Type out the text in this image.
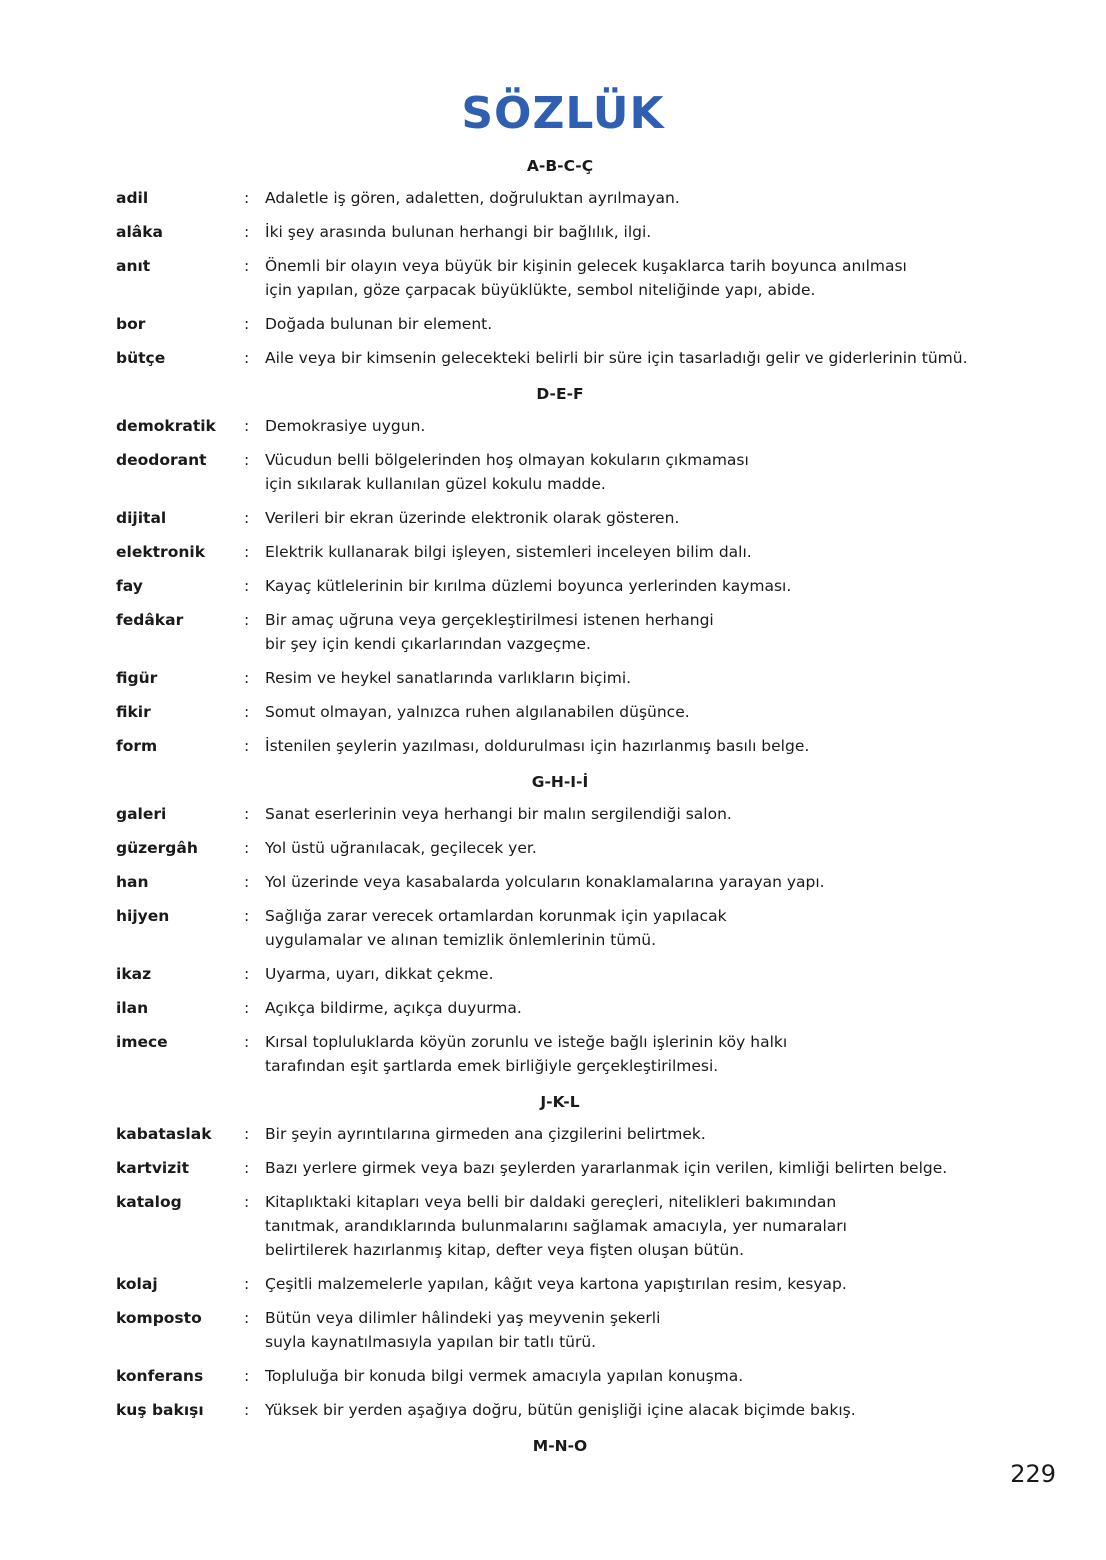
SÖZLÜK
A-B-C-Ç
adil	:	Adaletle iş gören, adaletten, doğruluktan ayrılmayan.
alâka	:	İki şey arasında bulunan herhangi bir bağlılık, ilgi.
anıt	:	Önemli bir olayın veya büyük bir kişinin gelecek kuşaklarca tarih boyunca anılması
için yapılan, göze çarpacak büyüklükte, sembol niteliğinde yapı, abide.
bor	:	Doğada bulunan bir element.
bütçe	:	Aile veya bir kimsenin gelecekteki belirli bir süre için tasarladığı gelir ve giderlerinin tümü.
D-E-F
demokratik	:	Demokrasiye uygun.
deodorant	:	Vücudun belli bölgelerinden hoş olmayan kokuların çıkmaması
için sıkılarak kullanılan güzel kokulu madde.
dijital	:	Verileri bir ekran üzerinde elektronik olarak gösteren.
elektronik	:	Elektrik kullanarak bilgi işleyen, sistemleri inceleyen bilim dalı.
fay	:	Kayaç kütlelerinin bir kırılma düzlemi boyunca yerlerinden kayması.
fedâkar	:	Bir amaç uğruna veya gerçekleştirilmesi istenen herhangi
bir şey için kendi çıkarlarından vazgeçme.
figür	:	Resim ve heykel sanatlarında varlıkların biçimi.
fikir	:	Somut olmayan, yalnızca ruhen algılanabilen düşünce.
form	:	İstenilen şeylerin yazılması, doldurulması için hazırlanmış basılı belge.
G-H-I-İ
galeri	:	Sanat eserlerinin veya herhangi bir malın sergilendiği salon.
güzergâh	:	Yol üstü uğranılacak, geçilecek yer.
han	:	Yol üzerinde veya kasabalarda yolcuların konaklamalarına yarayan yapı.
hijyen	:	Sağlığa zarar verecek ortamlardan korunmak için yapılacak
uygulamalar ve alınan temizlik önlemlerinin tümü.
ikaz	:	Uyarma, uyarı, dikkat çekme.
ilan	:	Açıkça bildirme, açıkça duyurma.
imece	:	Kırsal topluluklarda köyün zorunlu ve isteğe bağlı işlerinin köy halkı
tarafından eşit şartlarda emek birliğiyle gerçekleştirilmesi.
J-K-L
kabataslak	:	Bir şeyin ayrıntılarına girmeden ana çizgilerini belirtmek.
kartvizit	:	Bazı yerlere girmek veya bazı şeylerden yararlanmak için verilen, kimliği belirten belge.
katalog	:	Kitaplıktaki kitapları veya belli bir daldaki gereçleri, nitelikleri bakımından
tanıtmak, arandıklarında bulunmalarını sağlamak amacıyla, yer numaraları
belirtilerek hazırlanmış kitap, defter veya fişten oluşan bütün.
kolaj	:	Çeşitli malzemelerle yapılan, kâğıt veya kartona yapıştırılan resim, kesyap.
komposto	:	Bütün veya dilimler hâlindeki yaş meyvenin şekerli
suyla kaynatılmasıyla yapılan bir tatlı türü.
konferans	:	Topluluğa bir konuda bilgi vermek amacıyla yapılan konuşma.
kuş bakışı	:	Yüksek bir yerden aşağıya doğru, bütün genişliği içine alacak biçimde bakış.
M-N-O
229
